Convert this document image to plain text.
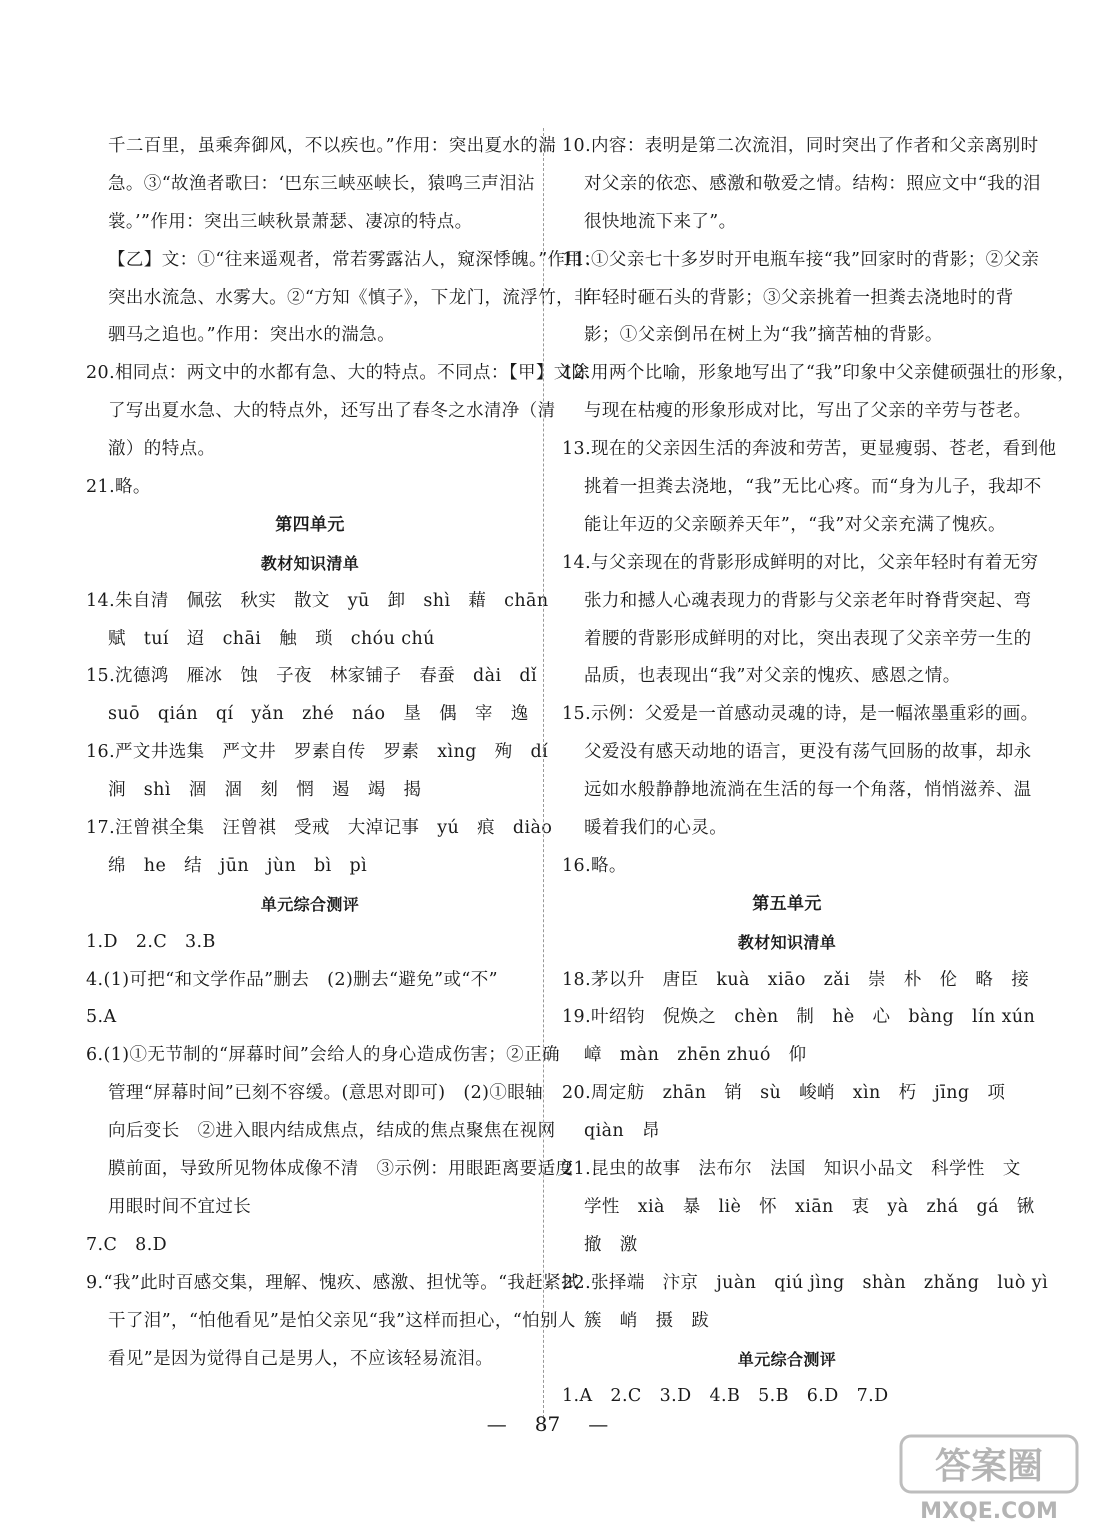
千二百里，虽乘奔御风，不以疾也。”作用：突出夏水的湍
急。③“故渔者歌曰：‘巴东三峡巫峡长，猿鸣三声泪沾
裳。’”作用：突出三峡秋景萧瑟、凄凉的特点。
【乙】文：①“往来遥观者，常若雾露沾人，窥深悸魄。”作用：
突出水流急、水雾大。②“方知《慎子》，下龙门，流浮竹，非
驷马之追也。”作用：突出水的湍急。
20.相同点：两文中的水都有急、大的特点。不同点：【甲】文除
了写出夏水急、大的特点外，还写出了春冬之水清净（清
澈）的特点。
21.略。
第四单元
教材知识清单
14.朱自清　佩弦　秋实　散文　yū　卸　shì　藉　chān
赋　tuí　迢　chāi　触　琐　chóu chú
15.沈德鸿　雁冰　蚀　子夜　林家铺子　春蚕　dài　dǐ
suō　qián　qí　yǎn　zhé　náo　垦　偶　宰　逸
16.严文井选集　严文井　罗素自传　罗素　xìng　殉　dí
涧　shì　涸　涸　刻　惘　遏　竭　揭
17.汪曾祺全集　汪曾祺　受戒　大淖记事　yú　痕　diào
绵　he　结　jūn　jùn　bì　pì
单元综合测评
1.D　2.C　3.B
4.(1)可把“和文学作品”删去　(2)删去“避免”或“不”
5.A
6.(1)①无节制的“屏幕时间”会给人的身心造成伤害；②正确
管理“屏幕时间”已刻不容缓。(意思对即可)　(2)①眼轴
向后变长　②进入眼内结成焦点，结成的焦点聚焦在视网
膜前面，导致所见物体成像不清　③示例：用眼距离要适度
用眼时间不宜过长
7.C　8.D
9.“我”此时百感交集，理解、愧疚、感激、担忧等。“我赶紧拭
干了泪”，“怕他看见”是怕父亲见“我”这样而担心，“怕别人
看见”是因为觉得自己是男人，不应该轻易流泪。
10.内容：表明是第二次流泪，同时突出了作者和父亲离别时
对父亲的依恋、感激和敬爱之情。结构：照应文中“我的泪
很快地流下来了”。
11.①父亲七十多岁时开电瓶车接“我”回家时的背影；②父亲
年轻时砸石头的背影；③父亲挑着一担粪去浇地时的背
影；①父亲倒吊在树上为“我”摘苦柚的背影。
12.用两个比喻，形象地写出了“我”印象中父亲健硕强壮的形象，
与现在枯瘦的形象形成对比，写出了父亲的辛劳与苍老。
13.现在的父亲因生活的奔波和劳苦，更显瘦弱、苍老，看到他
挑着一担粪去浇地，“我”无比心疼。而“身为儿子，我却不
能让年迈的父亲颐养天年”，“我”对父亲充满了愧疚。
14.与父亲现在的背影形成鲜明的对比，父亲年轻时有着无穷
张力和撼人心魂表现力的背影与父亲老年时脊背突起、弯
着腰的背影形成鲜明的对比，突出表现了父亲辛劳一生的
品质，也表现出“我”对父亲的愧疚、感恩之情。
15.示例：父爱是一首感动灵魂的诗，是一幅浓墨重彩的画。
父爱没有感天动地的语言，更没有荡气回肠的故事，却永
远如水般静静地流淌在生活的每一个角落，悄悄滋养、温
暖着我们的心灵。
16.略。
第五单元
教材知识清单
18.茅以升　唐臣　kuà　xiāo　zǎi　崇　朴　伦　略　接
19.叶绍钧　倪焕之　chèn　制　hè　心　bàng　lín xún
嶂　màn　zhēn zhuó　仰
20.周定舫　zhān　销　sù　峻峭　xìn　朽　jīng　项
qiàn　昂
21.昆虫的故事　法布尔　法国　知识小品文　科学性　文
学性　xià　暴　liè　怀　xiān　衷　yà　zhá　gá　锹
撤　激
22.张择端　汴京　juàn　qiú jìng　shàn　zhǎng　luò yì
簇　峭　摄　跋
单元综合测评
1.A　2.C　3.D　4.B　5.B　6.D　7.D
— 87 —
答案圈
MXQE.COM
